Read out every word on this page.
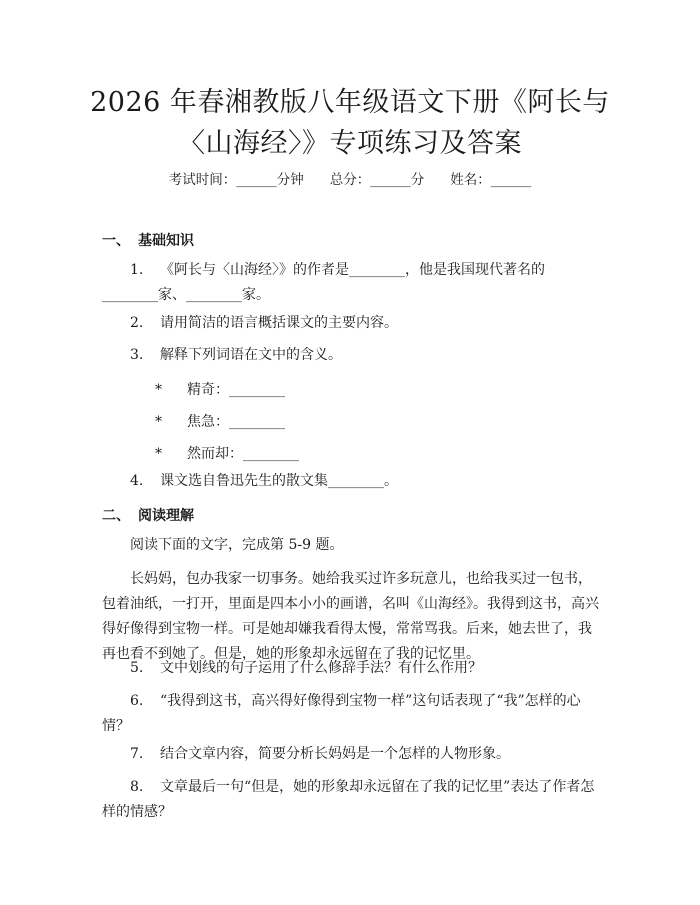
2026 年春湘教版八年级语文下册《阿长与
〈山海经〉》专项练习及答案
考试时间：______分钟 总分：______分 姓名：______
一、 基础知识
1. 《阿长与〈山海经〉》的作者是________，他是我国现代著名的________家、________家。
2. 请用简洁的语言概括课文的主要内容。
3. 解释下列词语在文中的含义。
* 精奇：________
* 焦急：________
* 然而却：________
4. 课文选自鲁迅先生的散文集________。
二、 阅读理解
阅读下面的文字，完成第 5-9 题。
长妈妈，包办我家一切事务。她给我买过许多玩意儿，也给我买过一包书，包着油纸，一打开，里面是四本小小的画谱，名叫《山海经》。我得到这书，高兴得好像得到宝物一样。可是她却嫌我看得太慢，常常骂我。后来，她去世了，我再也看不到她了。但是，她的形象却永远留在了我的记忆里。
5. 文中划线的句子运用了什么修辞手法？有什么作用？
6. “我得到这书，高兴得好像得到宝物一样”这句话表现了“我”怎样的心情？
7. 结合文章内容，简要分析长妈妈是一个怎样的人物形象。
8. 文章最后一句“但是，她的形象却永远留在了我的记忆里”表达了作者怎样的情感？
